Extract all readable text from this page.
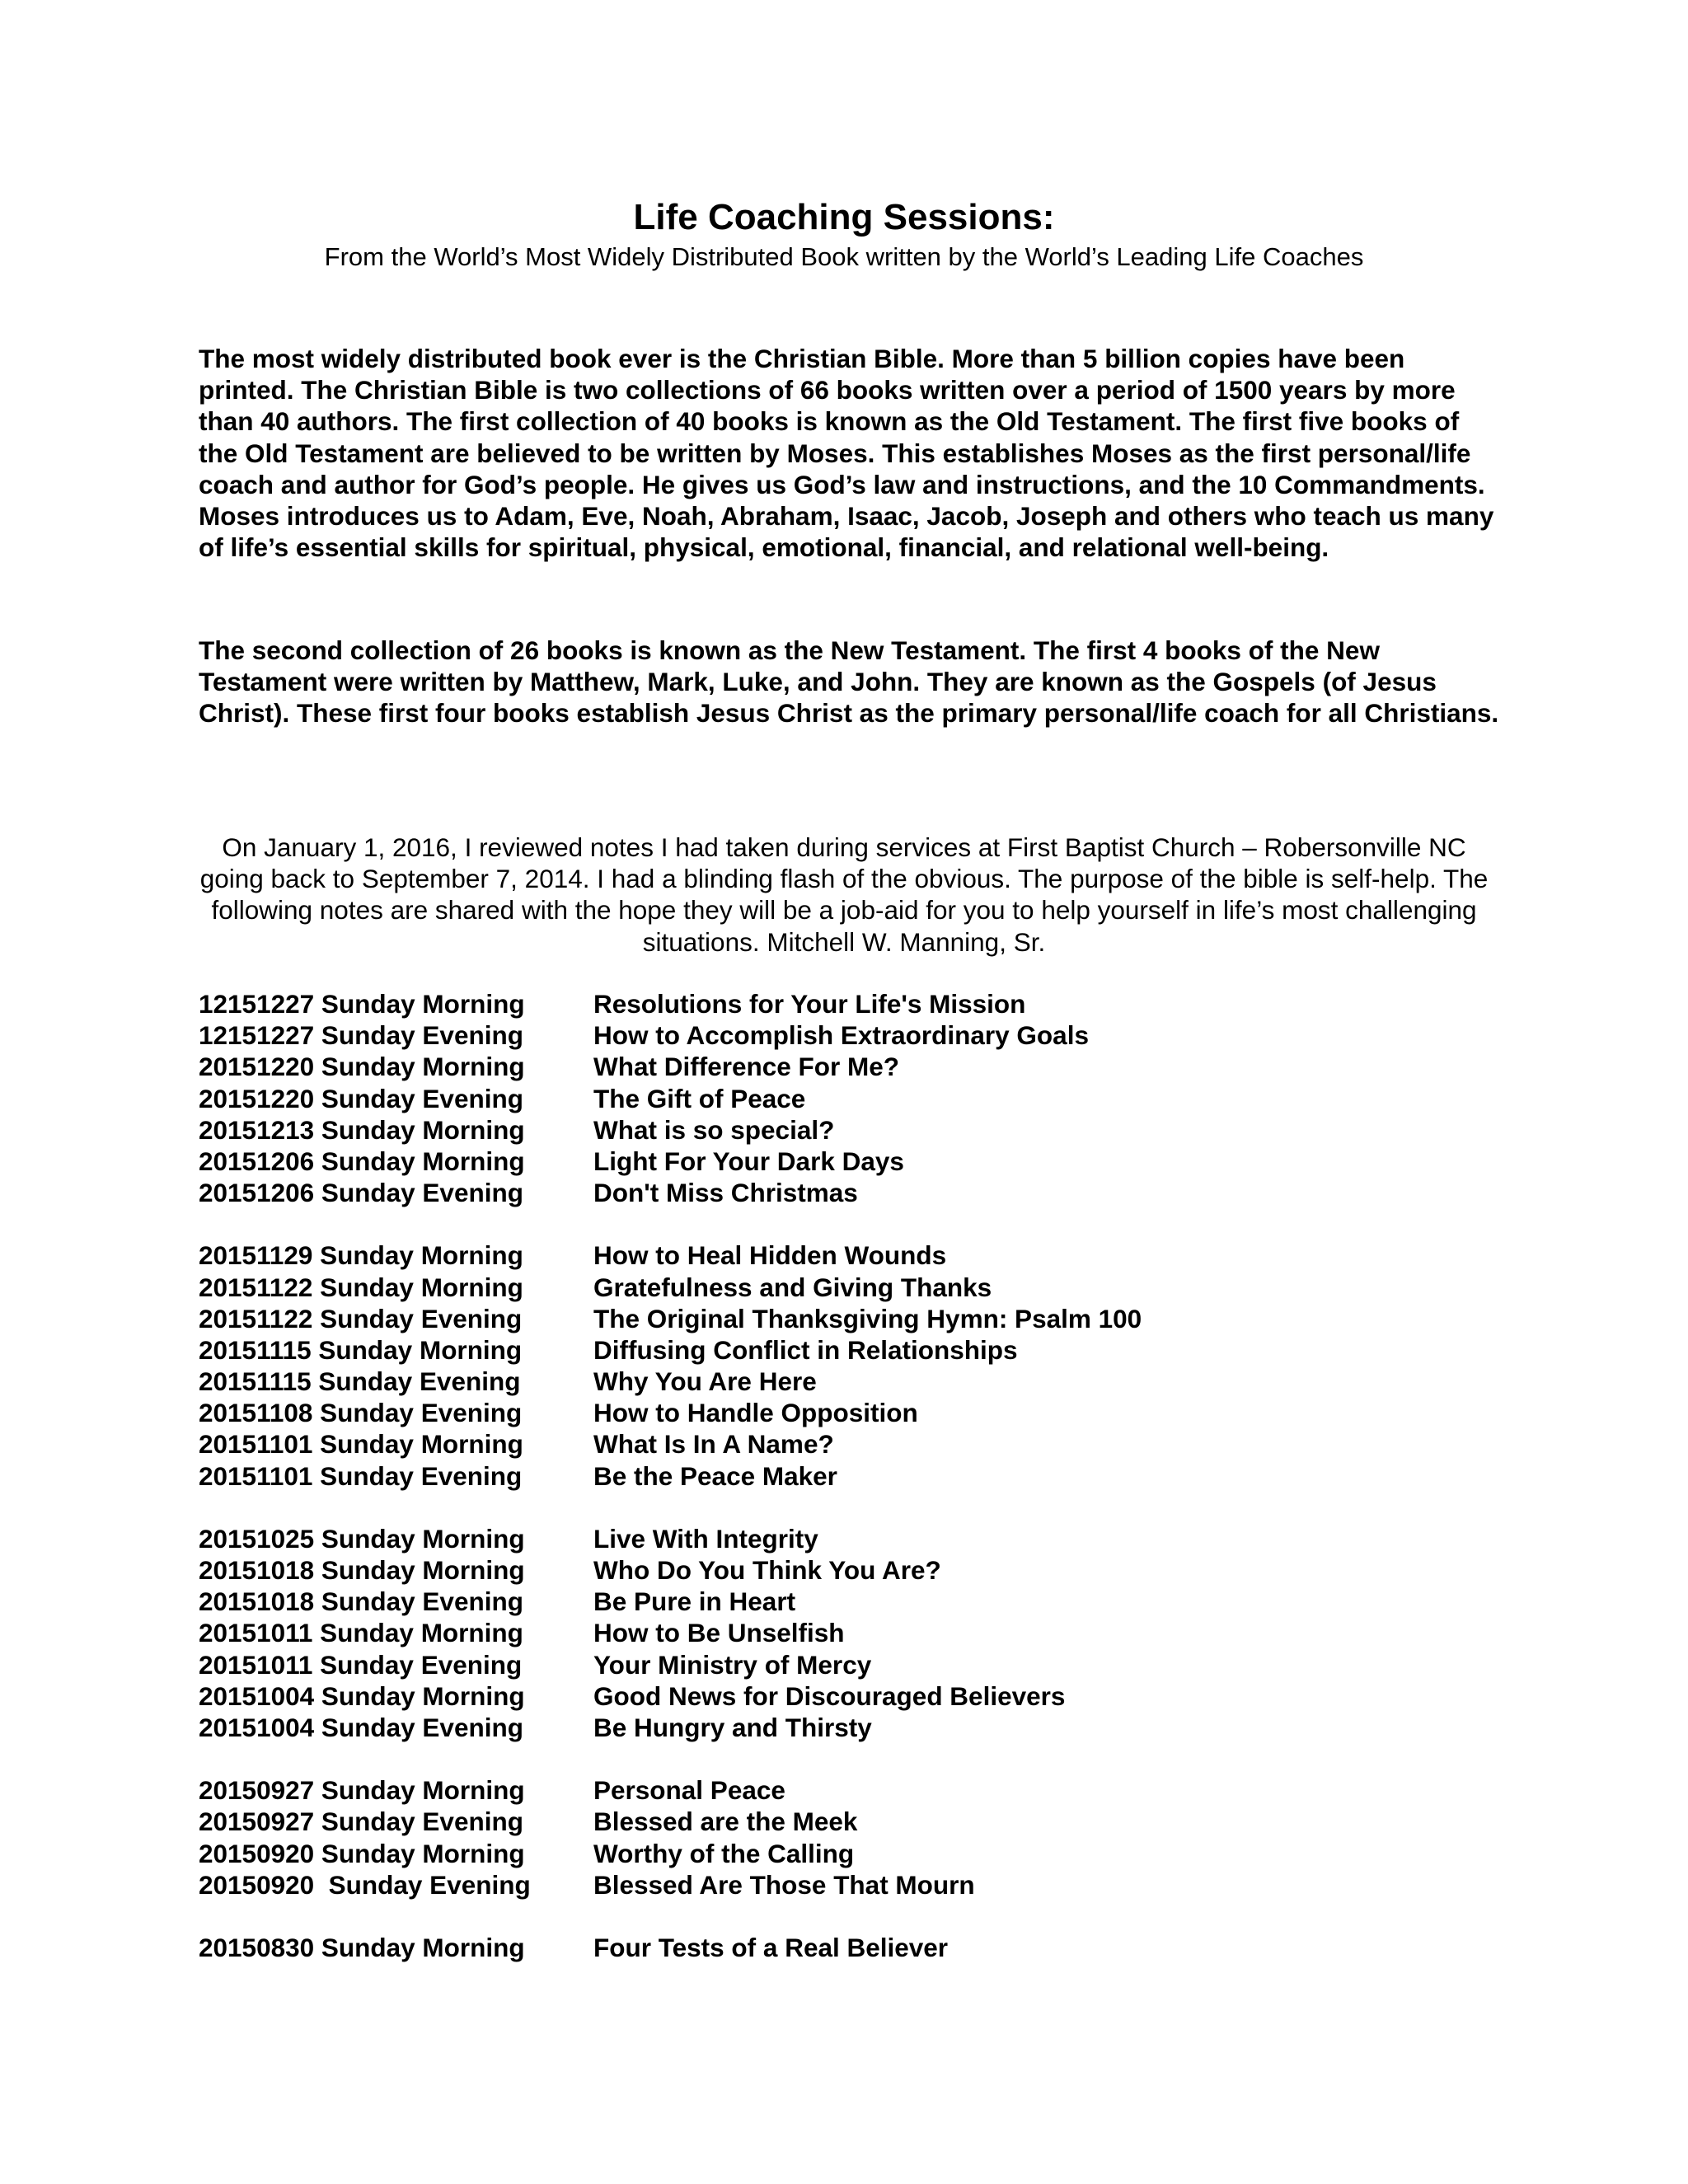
Life Coaching Sessions:

From the World’s Most Widely Distributed Book written by the World’s Leading Life Coaches

The most widely distributed book ever is the Christian Bible. More than 5 billion copies have been printed. The Christian Bible is two collections of 66 books written over a period of 1500 years by more than 40 authors. The first collection of 40 books is known as the Old Testament. The first five books of the Old Testament are believed to be written by Moses. This establishes Moses as the first personal/life coach and author for God’s people. He gives us God’s law and instructions, and the 10 Commandments. Moses introduces us to Adam, Eve, Noah, Abraham, Isaac, Jacob, Joseph and others who teach us many of life’s essential skills for spiritual, physical, emotional, financial, and relational well-being.

The second collection of 26 books is known as the New Testament. The first 4 books of the New Testament were written by Matthew, Mark, Luke, and John. They are known as the Gospels (of Jesus Christ). These first four books establish Jesus Christ as the primary personal/life coach for all Christians.

On January 1, 2016, I reviewed notes I had taken during services at First Baptist Church – Robersonville NC going back to September 7, 2014. I had a blinding flash of the obvious. The purpose of the bible is self-help. The following notes are shared with the hope they will be a job-aid for you to help yourself in life’s most challenging situations. Mitchell W. Manning, Sr.

12151227 Sunday Morning	Resolutions for Your Life's Mission
12151227 Sunday Evening	How to Accomplish Extraordinary Goals
20151220 Sunday Morning	What Difference For Me?
20151220 Sunday Evening	The Gift of Peace
20151213 Sunday Morning	What is so special?
20151206 Sunday Morning	Light For Your Dark Days
20151206 Sunday Evening	Don't Miss Christmas
20151129 Sunday Morning	How to Heal Hidden Wounds
20151122 Sunday Morning	Gratefulness and Giving Thanks
20151122 Sunday Evening	The Original Thanksgiving Hymn: Psalm 100
20151115 Sunday Morning	Diffusing Conflict in Relationships
20151115 Sunday Evening	Why You Are Here
20151108 Sunday Evening	How to Handle Opposition
20151101 Sunday Morning	What Is In A Name?
20151101 Sunday Evening	Be the Peace Maker
20151025 Sunday Morning	Live With Integrity
20151018 Sunday Morning	Who Do You Think You Are?
20151018 Sunday Evening	Be Pure in Heart
20151011 Sunday Morning	How to Be Unselfish
20151011 Sunday Evening	Your Ministry of Mercy
20151004 Sunday Morning	Good News for Discouraged Believers
20151004 Sunday Evening	Be Hungry and Thirsty
20150927 Sunday Morning	Personal Peace
20150927 Sunday Evening	Blessed are the Meek
20150920 Sunday Morning	Worthy of the Calling
20150920  Sunday Evening	Blessed Are Those That Mourn
20150830 Sunday Morning	Four Tests of a Real Believer
